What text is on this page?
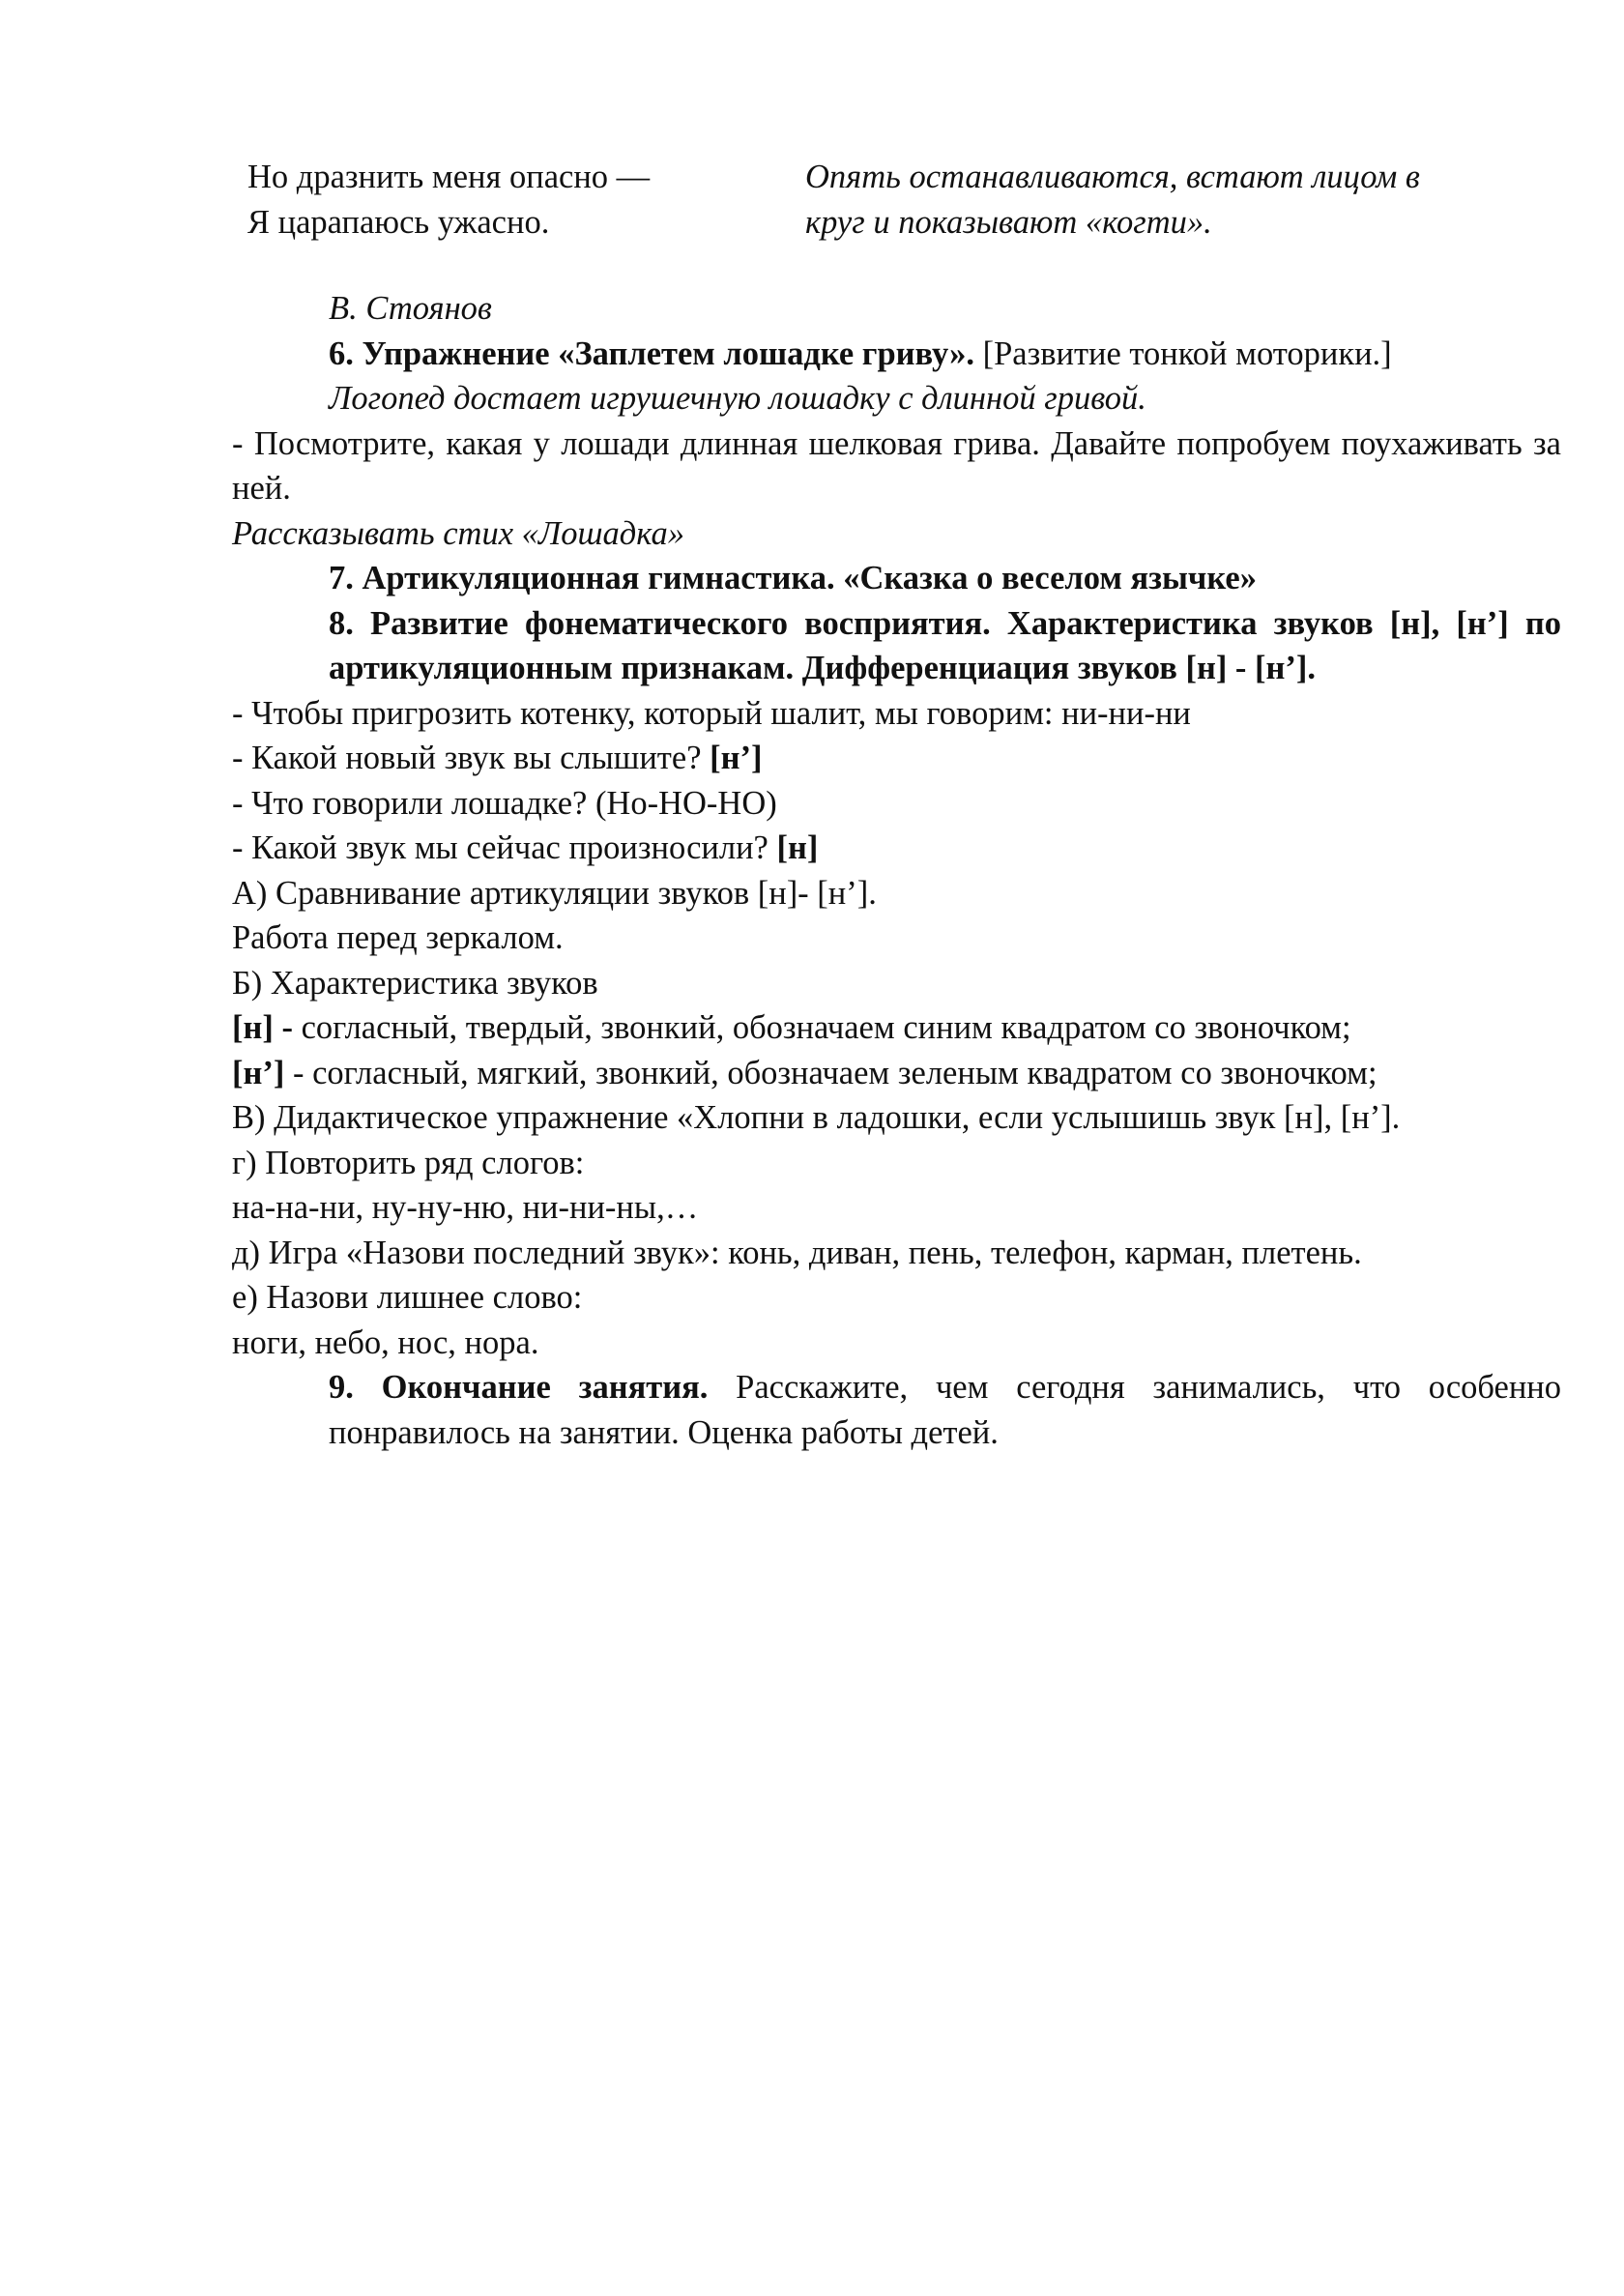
Но дразнить меня опасно —
Я царапаюсь ужасно.
Опять останавливаются, встают лицом в
круг и показывают «когти».

В. Стоянов

6. Упражнение «Заплетем лошадке гриву». [Развитие тонкой моторики.]

Логопед достает игрушечную лошадку с длинной гривой.

- Посмотрите, какая у лошади длинная шелковая грива. Давайте попробуем поухаживать за ней.

Рассказывать стих «Лошадка»

7. Артикуляционная гимнастика. «Сказка о веселом язычке»

8. Развитие фонематического восприятия. Характеристика звуков [н], [н’] по артикуляционным признакам. Дифференциация звуков [н] - [н’].

- Чтобы пригрозить котенку, который шалит, мы говорим: ни-ни-ни

- Какой новый звук вы слышите? [н’]

- Что говорили лошадке? (Но-НО-НО)

- Какой звук мы сейчас произносили? [н]

А) Сравнивание артикуляции звуков [н]- [н’].

Работа перед зеркалом.

Б) Характеристика звуков

[н] - согласный, твердый, звонкий, обозначаем синим квадратом со звоночком;

[н’] - согласный, мягкий, звонкий, обозначаем зеленым квадратом со звоночком;

В) Дидактическое упражнение «Хлопни в ладошки, если услышишь звук [н], [н’].

г) Повторить ряд слогов:

на-на-ни, ну-ну-ню, ни-ни-ны,…

д) Игра «Назови последний звук»: конь, диван, пень, телефон, карман, плетень.

е) Назови лишнее слово:

ноги, небо, нос, нора.

9. Окончание занятия. Расскажите, чем сегодня занимались, что особенно понравилось на занятии. Оценка работы детей.
